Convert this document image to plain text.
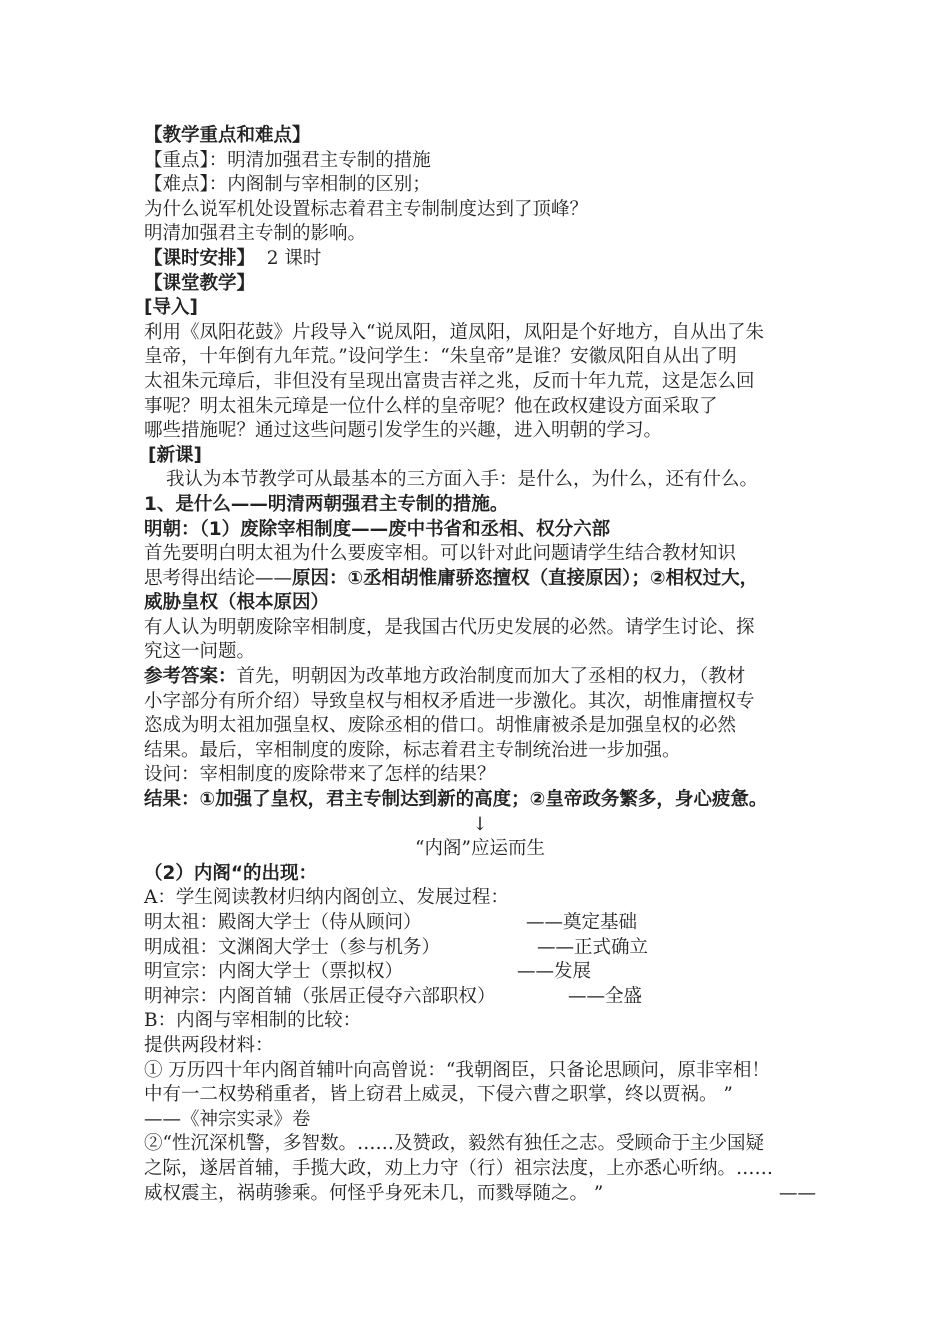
【教学重点和难点】
【重点】：明清加强君主专制的措施
【难点】：内阁制与宰相制的区别；
为什么说军机处设置标志着君主专制制度达到了顶峰？
明清加强君主专制的影响。
【课时安排】 2 课时
【课堂教学】
[导入]
利用《凤阳花鼓》片段导入“说凤阳，道凤阳，凤阳是个好地方，自从出了朱
皇帝，十年倒有九年荒。”设问学生：“朱皇帝”是谁？安徽凤阳自从出了明
太祖朱元璋后，非但没有呈现出富贵吉祥之兆，反而十年九荒，这是怎么回
事呢？明太祖朱元璋是一位什么样的皇帝呢？他在政权建设方面采取了
哪些措施呢？通过这些问题引发学生的兴趣，进入明朝的学习。
[新课]
我认为本节教学可从最基本的三方面入手：是什么，为什么，还有什么。
1、是什么——明清两朝强君主专制的措施。
明朝：（1）废除宰相制度——废中书省和丞相、权分六部
首先要明白明太祖为什么要废宰相。可以针对此问题请学生结合教材知识
思考得出结论——原因：①丞相胡惟庸骄恣擅权（直接原因）；②相权过大，
威胁皇权（根本原因）
有人认为明朝废除宰相制度，是我国古代历史发展的必然。请学生讨论、探
究这一问题。
参考答案：首先，明朝因为改革地方政治制度而加大了丞相的权力，（教材
小字部分有所介绍）导致皇权与相权矛盾进一步激化。其次，胡惟庸擅权专
恣成为明太祖加强皇权、废除丞相的借口。胡惟庸被杀是加强皇权的必然
结果。最后，宰相制度的废除，标志着君主专制统治进一步加强。
设问：宰相制度的废除带来了怎样的结果？
结果：①加强了皇权，君主专制达到新的高度；②皇帝政务繁多，身心疲惫。
↓
“内阁”应运而生
（2）内阁“的出现：
A：学生阅读教材归纳内阁创立、发展过程：
明太祖：殿阁大学士（侍从顾问）	——奠定基础
明成祖：文渊阁大学士（参与机务）	——正式确立
明宣宗：内阁大学士（票拟权）	——发展
明神宗：内阁首辅（张居正侵夺六部职权）	——全盛
B：内阁与宰相制的比较：
提供两段材料：
① 万历四十年内阁首辅叶向高曾说：“我朝阁臣，只备论思顾问，原非宰相！
中有一二权势稍重者，皆上窃君上威灵，下侵六曹之职掌，终以贾祸。 ”
——《神宗实录》卷
②“性沉深机警，多智数。……及赞政，毅然有独任之志。受顾命于主少国疑
之际，遂居首辅，手揽大政，劝上力守（行）祖宗法度，上亦悉心听纳。……
威权震主，祸萌骖乘。何怪乎身死未几，而戮辱随之。 ”	——
